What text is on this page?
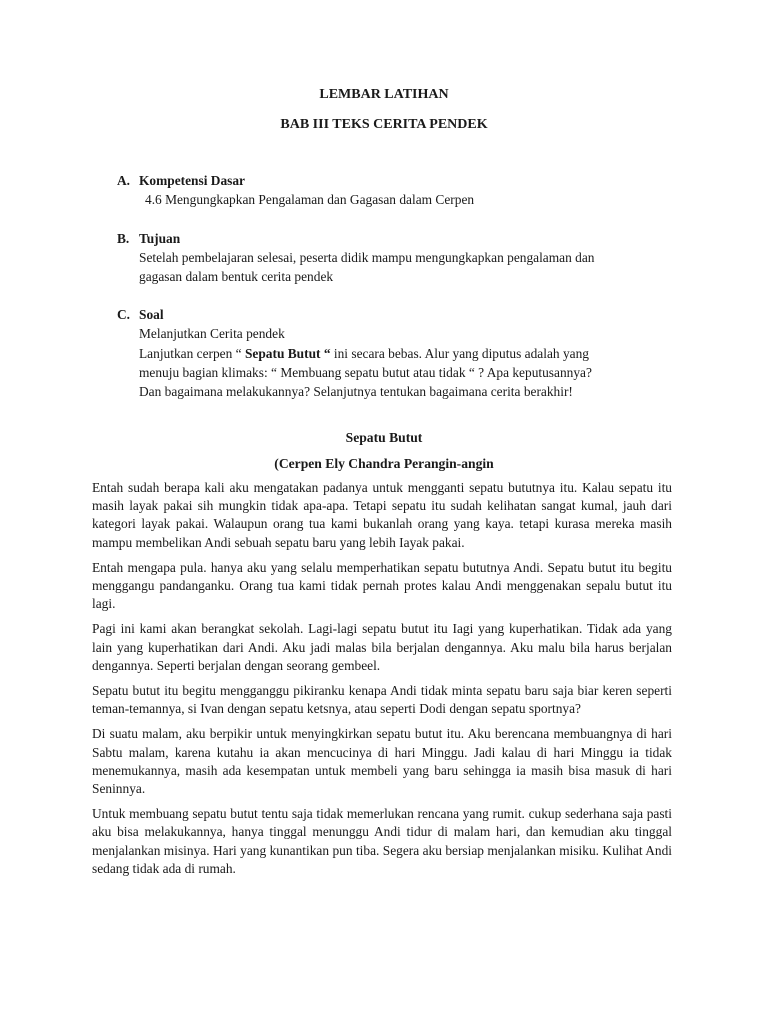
LEMBAR LATIHAN
BAB III TEKS CERITA PENDEK
A. Kompetensi Dasar
4.6 Mengungkapkan Pengalaman dan Gagasan dalam Cerpen
B. Tujuan
Setelah pembelajaran selesai, peserta didik mampu mengungkapkan pengalaman dan
gagasan dalam bentuk cerita pendek
C. Soal
Melanjutkan Cerita pendek
Lanjutkan cerpen “ Sepatu Butut “ ini secara bebas. Alur yang diputus adalah yang
menuju bagian klimaks: “ Membuang sepatu butut atau tidak “ ? Apa keputusannya?
Dan bagaimana melakukannya? Selanjutnya tentukan bagaimana cerita berakhir!
Sepatu Butut
(Cerpen Ely Chandra Perangin-angin

Entah sudah berapa kali aku mengatakan padanya untuk mengganti sepatu bututnya itu. Kalau sepatu itu masih layak pakai sih mungkin tidak apa-apa. Tetapi sepatu itu sudah kelihatan sangat kumal, jauh dari kategori layak pakai. Walaupun orang tua kami bukanlah orang yang kaya. tetapi kurasa mereka masih mampu membelikan Andi sebuah sepatu baru yang lebih Iayak pakai.

Entah mengapa pula. hanya aku yang selalu memperhatikan sepatu bututnya Andi. Sepatu butut itu begitu menggangu pandanganku. Orang tua kami tidak pernah protes kalau Andi menggenakan sepalu butut itu lagi.

Pagi ini kami akan berangkat sekolah. Lagi-lagi sepatu butut itu Iagi yang kuperhatikan. Tidak ada yang lain yang kuperhatikan dari Andi. Aku jadi malas bila berjalan dengannya. Aku malu bila harus berjalan dengannya. Seperti berjalan dengan seorang gembeel.

Sepatu butut itu begitu mengganggu pikiranku kenapa Andi tidak minta sepatu baru saja biar keren seperti teman-temannya, si Ivan dengan sepatu ketsnya, atau seperti Dodi dengan sepatu sportnya?

Di suatu malam, aku berpikir untuk menyingkirkan sepatu butut itu. Aku berencana membuangnya di hari Sabtu malam, karena kutahu ia akan mencucinya di hari Minggu. Jadi kalau di hari Minggu ia tidak menemukannya, masih ada kesempatan untuk membeli yang baru sehingga ia masih bisa masuk di hari Seninnya.

Untuk membuang sepatu butut tentu saja tidak memerlukan rencana yang rumit. cukup sederhana saja pasti aku bisa melakukannya, hanya tinggal menunggu Andi tidur di malam hari, dan kemudian aku tinggal menjalankan misinya. Hari yang kunantikan pun tiba. Segera aku bersiap menjalankan misiku. Kulihat Andi sedang tidak ada di rumah.
